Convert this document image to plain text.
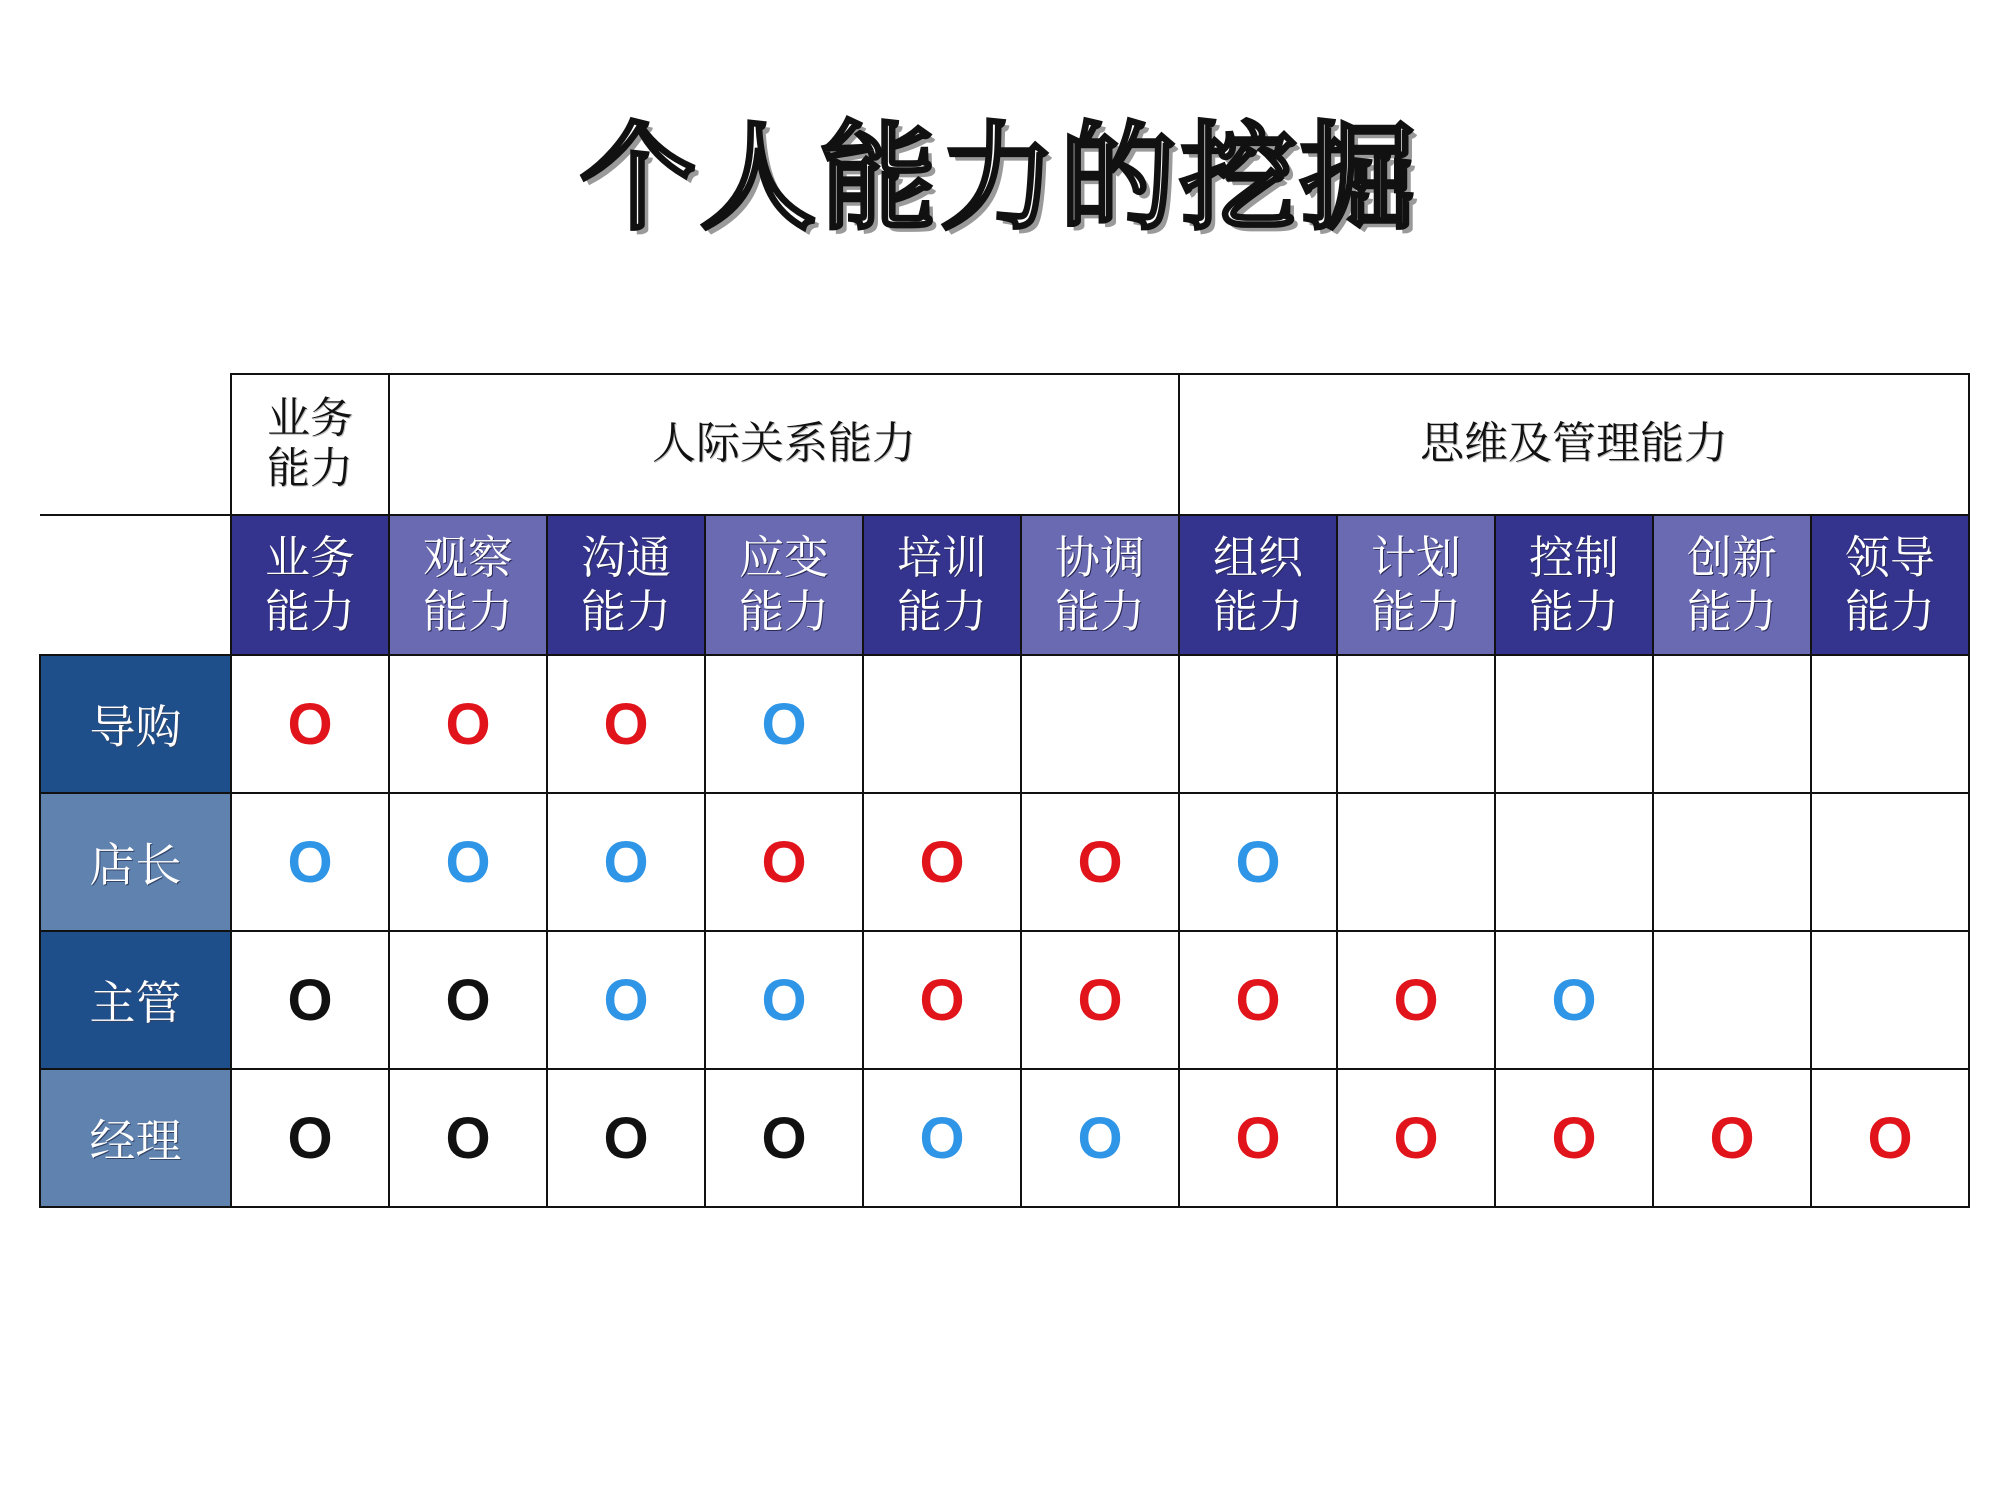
个人能力的挖掘
	业务能力	人际关系能力					思维及管理能力				
	业务能力	观察能力	沟通能力	应变能力	培训能力	协调能力	组织能力	计划能力	控制能力	创新能力	领导能力
导购	O	O	O	O							
店长	O	O	O	O	O	O	O				
主管	O	O	O	O	O	O	O	O	O		
经理	O	O	O	O	O	O	O	O	O	O	O
